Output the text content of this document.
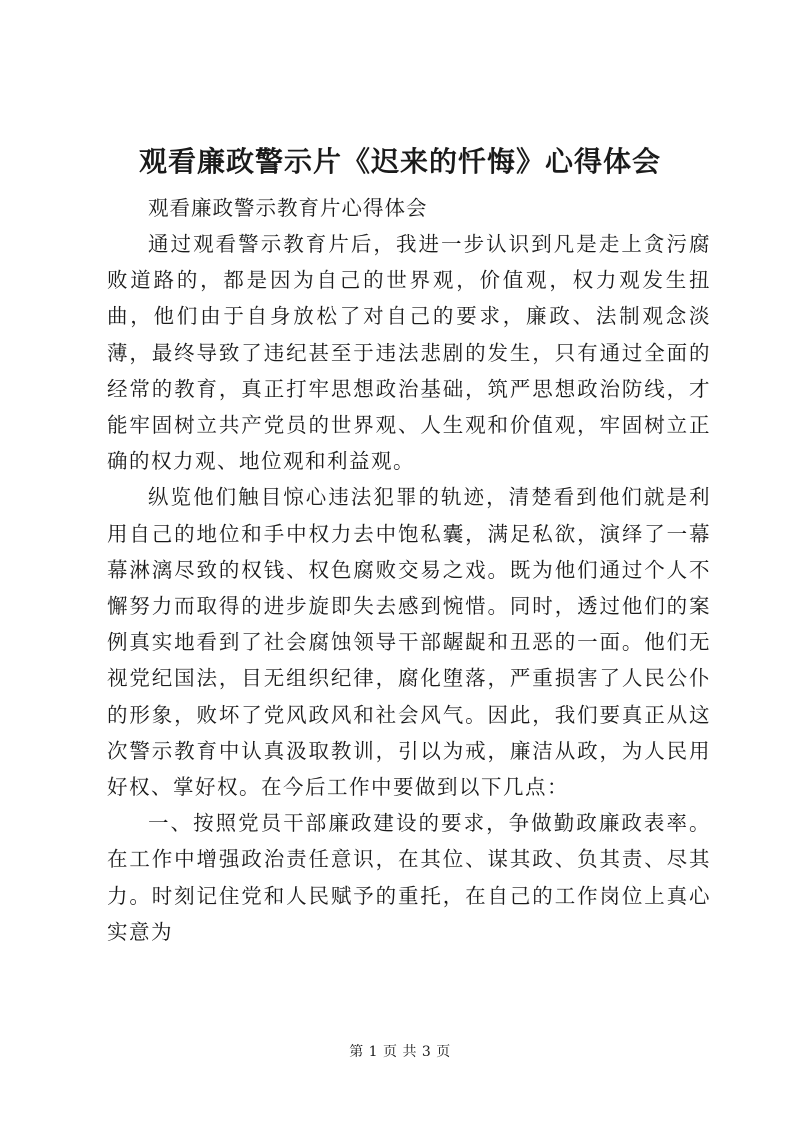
观看廉政警示片《迟来的忏悔》心得体会

观看廉政警示教育片心得体会

通过观看警示教育片后，我进一步认识到凡是走上贪污腐败道路的，都是因为自己的世界观，价值观，权力观发生扭曲，他们由于自身放松了对自己的要求，廉政、法制观念淡薄，最终导致了违纪甚至于违法悲剧的发生，只有通过全面的经常的教育，真正打牢思想政治基础，筑严思想政治防线，才能牢固树立共产党员的世界观、人生观和价值观，牢固树立正确的权力观、地位观和利益观。

纵览他们触目惊心违法犯罪的轨迹，清楚看到他们就是利用自己的地位和手中权力去中饱私囊，满足私欲，演绎了一幕幕淋漓尽致的权钱、权色腐败交易之戏。既为他们通过个人不懈努力而取得的进步旋即失去感到惋惜。同时，透过他们的案例真实地看到了社会腐蚀领导干部龌龊和丑恶的一面。他们无视党纪国法，目无组织纪律，腐化堕落，严重损害了人民公仆的形象，败坏了党风政风和社会风气。因此，我们要真正从这次警示教育中认真汲取教训，引以为戒，廉洁从政，为人民用好权、掌好权。在今后工作中要做到以下几点：

一、按照党员干部廉政建设的要求，争做勤政廉政表率。在工作中增强政治责任意识，在其位、谋其政、负其责、尽其力。时刻记住党和人民赋予的重托，在自己的工作岗位上真心实意为

第 1 页 共 3 页
